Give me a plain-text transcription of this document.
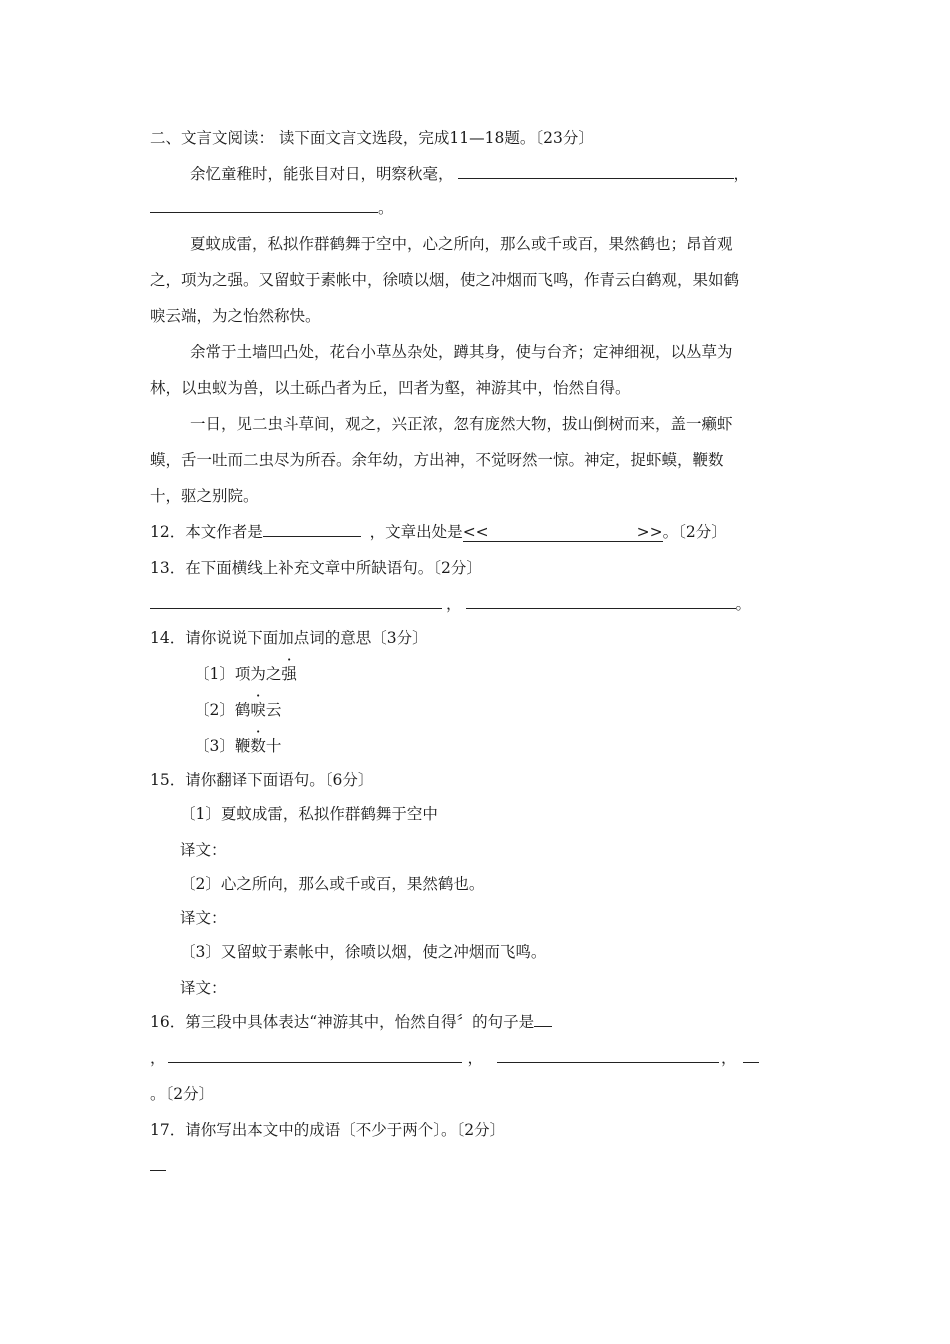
二、文言文阅读： 读下面文言文选段，完成11—18题。〔23分〕
余忆童稚时，能张目对日，明察秋毫，	，
。
夏蚊成雷，私拟作群鹤舞于空中，心之所向，那么或千或百，果然鹤也；昂首观
之，项为之强。又留蚊于素帐中，徐喷以烟，使之冲烟而飞鸣，作青云白鹤观，果如鹤
唳云端，为之怡然称快。
余常于土墙凹凸处，花台小草丛杂处，蹲其身，使与台齐；定神细视，以丛草为
林，以虫蚁为兽，以土砾凸者为丘，凹者为壑，神游其中，怡然自得。
一日，见二虫斗草间，观之，兴正浓，忽有庞然大物，拔山倒树而来，盖一癞虾
蟆，舌一吐而二虫尽为所吞。余年幼，方出神，不觉呀然一惊。神定，捉虾蟆，鞭数
十，驱之别院。
12．本文作者是	，文章出处是<<	>>。〔2分〕
13．在下面横线上补充文章中所缺语句。〔2分〕
，	。
14．请你说说下面加点词的意思〔3分〕
〔1〕项为之强
〔2〕鹤唳云
〔3〕鞭数十
15．请你翻译下面语句。〔6分〕
〔1〕夏蚊成雷，私拟作群鹤舞于空中
译文：
〔2〕心之所向，那么或千或百，果然鹤也。
译文：
〔3〕又留蚊于素帐中，徐喷以烟，使之冲烟而飞鸣。
译文：
16．第三段中具体表达“神游其中，怡然自得〞的句子是
，	，	，
。〔2分〕
17．请你写出本文中的成语〔不少于两个〕。〔2分〕
